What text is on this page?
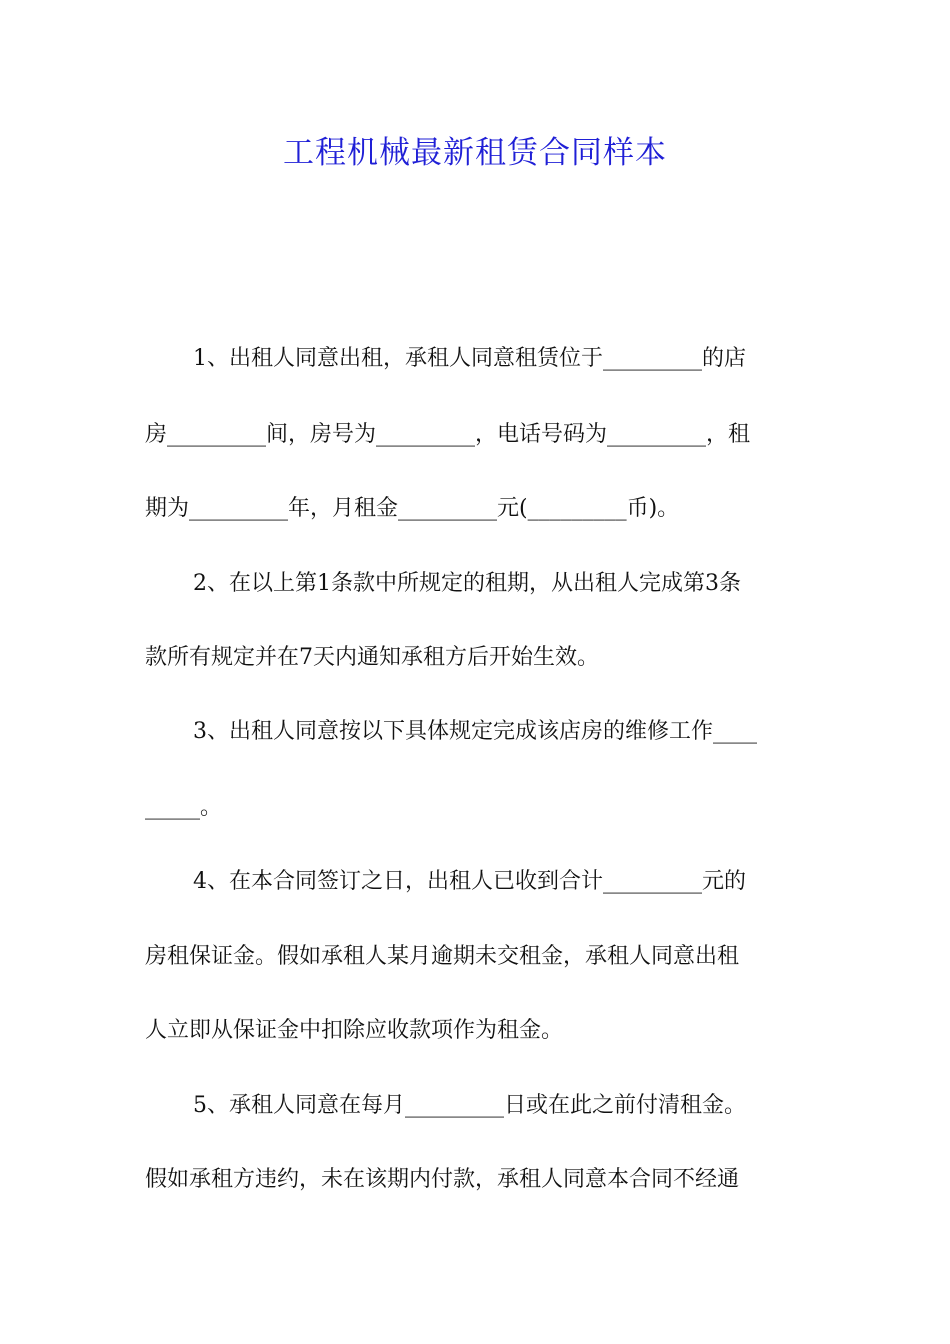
工程机械最新租赁合同样本
1、出租人同意出租，承租人同意租赁位于_________的店
房_________间，房号为_________，电话号码为_________，租
期为_________年，月租金_________元(_________币)。
2、在以上第1条款中所规定的租期，从出租人完成第3条
款所有规定并在7天内通知承租方后开始生效。
3、出租人同意按以下具体规定完成该店房的维修工作____
_____。
4、在本合同签订之日，出租人已收到合计_________元的
房租保证金。假如承租人某月逾期未交租金，承租人同意出租
人立即从保证金中扣除应收款项作为租金。
5、承租人同意在每月_________日或在此之前付清租金。
假如承租方违约，未在该期内付款，承租人同意本合同不经通
